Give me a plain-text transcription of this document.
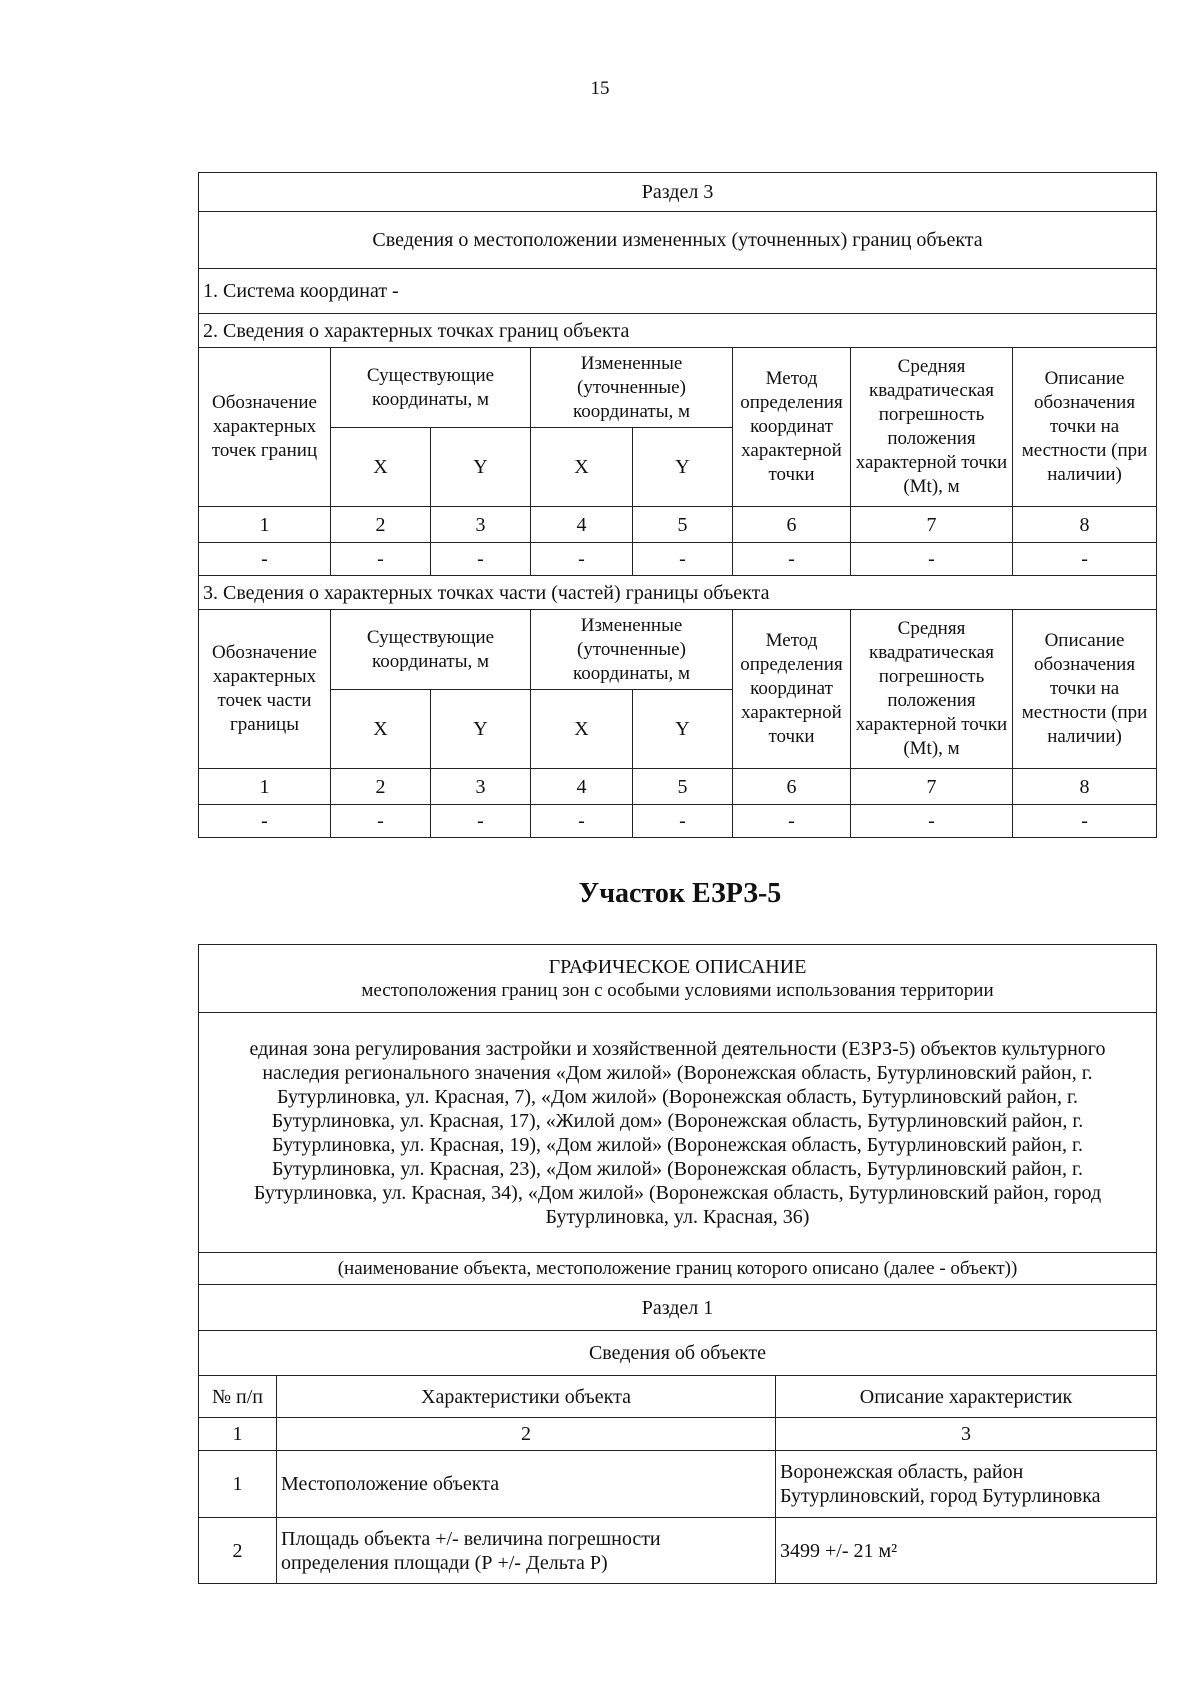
15
Раздел 3							
Сведения о местоположении измененных (уточненных) границ объекта							
1. Система координат -							
2. Сведения о характерных точках границ объекта							
Обозначение характерных точек границ	Существующие координаты, м		Измененные (уточненные) координаты, м		Метод определения координат характерной точки	Средняя квадратическая погрешность положения характерной точки (Mt), м	Описание обозначения точки на местности (при наличии)
	X	Y	X	Y			
1	2	3	4	5	6	7	8
-	-	-	-	-	-	-	-
3. Сведения о характерных точках части (частей) границы объекта							
Обозначение характерных точек части границы	Существующие координаты, м		Измененные (уточненные) координаты, м		Метод определения координат характерной точки	Средняя квадратическая погрешность положения характерной точки (Mt), м	Описание обозначения точки на местности (при наличии)
	X	Y	X	Y			
1	2	3	4	5	6	7	8
-	-	-	-	-	-	-	-
Участок ЕЗРЗ-5
ГРАФИЧЕСКОЕ ОПИСАНИЕ
местоположения границ зон с особыми условиями использования территории		

единая зона регулирования застройки и хозяйственной деятельности (ЕЗРЗ-5) объектов культурного наследия регионального значения «Дом жилой» (Воронежская область, Бутурлиновский район, г. Бутурлиновка, ул. Красная, 7), «Дом жилой» (Воронежская область, Бутурлиновский район, г. Бутурлиновка, ул. Красная, 17), «Жилой дом» (Воронежская область, Бутурлиновский район, г. Бутурлиновка, ул. Красная, 19), «Дом жилой» (Воронежская область, Бутурлиновский район, г. Бутурлиновка, ул. Красная, 23), «Дом жилой» (Воронежская область, Бутурлиновский район, г. Бутурлиновка, ул. Красная, 34), «Дом жилой» (Воронежская область, Бутурлиновский район, город Бутурлиновка, ул. Красная, 36)		
(наименование объекта, местоположение границ которого описано (далее - объект))		
Раздел 1		
Сведения об объекте		
№ п/п	Характеристики объекта	Описание характеристик
1	2	3
1	Местоположение объекта	Воронежская область, район Бутурлиновский, город Бутурлиновка
2	Площадь объекта +/- величина погрешности определения площади (Р +/- Дельта Р)	3499 +/- 21 м²
